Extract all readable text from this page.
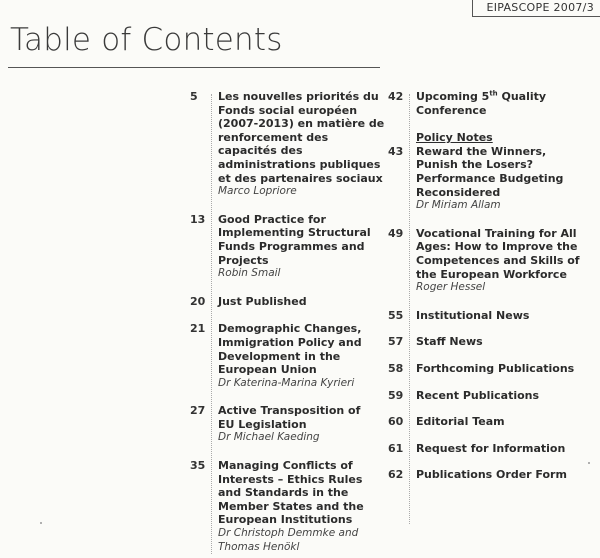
EIPASCOPE 2007/3
Table of Contents
5	Les nouvelles priorités du Fonds social européen (2007-2013) en matière de renforcement des capacités des administrations publiques et des partenaires sociaux
Marco Lopriore
13	Good Practice for Implementing Structural Funds Programmes and Projects
Robin Smail
20	Just Published
21	Demographic Changes, Immigration Policy and Development in the European Union
Dr Katerina-Marina Kyrieri
27	Active Transposition of EU Legislation
Dr Michael Kaeding
35	Managing Conflicts of Interests – Ethics Rules and Standards in the Member States and the European Institutions
Dr Christoph Demmke and Thomas Henökl
42	Upcoming 5th Quality Conference
Policy Notes
43	Reward the Winners, Punish the Losers? Performance Budgeting Reconsidered
Dr Miriam Allam
49	Vocational Training for All Ages: How to Improve the Competences and Skills of the European Workforce
Roger Hessel
55	Institutional News
57	Staff News
58	Forthcoming Publications
59	Recent Publications
60	Editorial Team
61	Request for Information
62	Publications Order Form
